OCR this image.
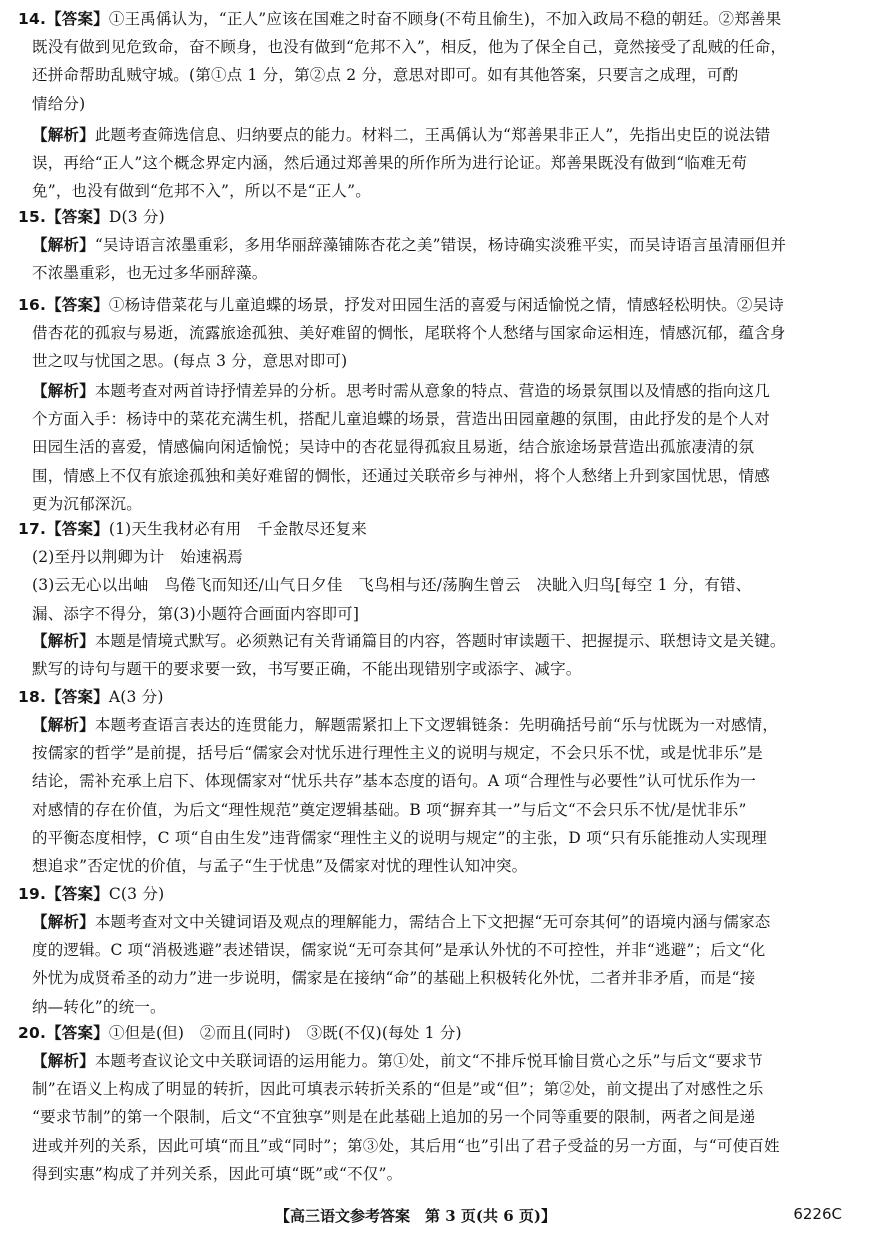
14.【答案】①王禹偁认为，“正人”应该在国难之时奋不顾身(不苟且偷生)，不加入政局不稳的朝廷。②郑善果
既没有做到见危致命，奋不顾身，也没有做到“危邦不入”，相反，他为了保全自己，竟然接受了乱贼的任命，
还拼命帮助乱贼守城。(第①点 1 分，第②点 2 分，意思对即可。如有其他答案，只要言之成理，可酌
情给分)
【解析】此题考查筛选信息、归纳要点的能力。材料二，王禹偁认为“郑善果非正人”，先指出史臣的说法错
误，再给“正人”这个概念界定内涵，然后通过郑善果的所作所为进行论证。郑善果既没有做到“临难无苟
免”，也没有做到“危邦不入”，所以不是“正人”。
15.【答案】D(3 分)
【解析】“吴诗语言浓墨重彩，多用华丽辞藻铺陈杏花之美”错误，杨诗确实淡雅平实，而吴诗语言虽清丽但并
不浓墨重彩，也无过多华丽辞藻。
16.【答案】①杨诗借菜花与儿童追蝶的场景，抒发对田园生活的喜爱与闲适愉悦之情，情感轻松明快。②吴诗
借杏花的孤寂与易逝，流露旅途孤独、美好难留的惆怅，尾联将个人愁绪与国家命运相连，情感沉郁，蕴含身
世之叹与忧国之思。(每点 3 分，意思对即可)
【解析】本题考查对两首诗抒情差异的分析。思考时需从意象的特点、营造的场景氛围以及情感的指向这几
个方面入手：杨诗中的菜花充满生机，搭配儿童追蝶的场景，营造出田园童趣的氛围，由此抒发的是个人对
田园生活的喜爱，情感偏向闲适愉悦；吴诗中的杏花显得孤寂且易逝，结合旅途场景营造出孤旅凄清的氛
围，情感上不仅有旅途孤独和美好难留的惆怅，还通过关联帝乡与神州，将个人愁绪上升到家国忧思，情感
更为沉郁深沉。
17.【答案】(1)天生我材必有用　千金散尽还复来
(2)至丹以荆卿为计　始速祸焉
(3)云无心以出岫　鸟倦飞而知还/山气日夕佳　飞鸟相与还/荡胸生曾云　决眦入归鸟[每空 1 分，有错、
漏、添字不得分，第(3)小题符合画面内容即可]
【解析】本题是情境式默写。必须熟记有关背诵篇目的内容，答题时审读题干、把握提示、联想诗文是关键。
默写的诗句与题干的要求要一致，书写要正确，不能出现错别字或添字、减字。
18.【答案】A(3 分)
【解析】本题考查语言表达的连贯能力，解题需紧扣上下文逻辑链条：先明确括号前“乐与忧既为一对感情，
按儒家的哲学”是前提，括号后“儒家会对忧乐进行理性主义的说明与规定，不会只乐不忧，或是忧非乐”是
结论，需补充承上启下、体现儒家对“忧乐共存”基本态度的语句。A 项“合理性与必要性”认可忧乐作为一
对感情的存在价值，为后文“理性规范”奠定逻辑基础。B 项“摒弃其一”与后文“不会只乐不忧/是忧非乐”
的平衡态度相悖，C 项“自由生发”违背儒家“理性主义的说明与规定”的主张，D 项“只有乐能推动人实现理
想追求”否定忧的价值，与孟子“生于忧患”及儒家对忧的理性认知冲突。
19.【答案】C(3 分)
【解析】本题考查对文中关键词语及观点的理解能力，需结合上下文把握“无可奈其何”的语境内涵与儒家态
度的逻辑。C 项“消极逃避”表述错误，儒家说“无可奈其何”是承认外忧的不可控性，并非“逃避”；后文“化
外忧为成贤希圣的动力”进一步说明，儒家是在接纳“命”的基础上积极转化外忧，二者并非矛盾，而是“接
纳—转化”的统一。
20.【答案】①但是(但)　②而且(同时)　③既(不仅)(每处 1 分)
【解析】本题考查议论文中关联词语的运用能力。第①处，前文“不排斥悦耳愉目赏心之乐”与后文“要求节
制”在语义上构成了明显的转折，因此可填表示转折关系的“但是”或“但”；第②处，前文提出了对感性之乐
“要求节制”的第一个限制，后文“不宜独享”则是在此基础上追加的另一个同等重要的限制，两者之间是递
进或并列的关系，因此可填“而且”或“同时”；第③处，其后用“也”引出了君子受益的另一方面，与“可使百姓
得到实惠”构成了并列关系，因此可填“既”或“不仅”。
【高三语文参考答案　第 3 页(共 6 页)】	6226C
